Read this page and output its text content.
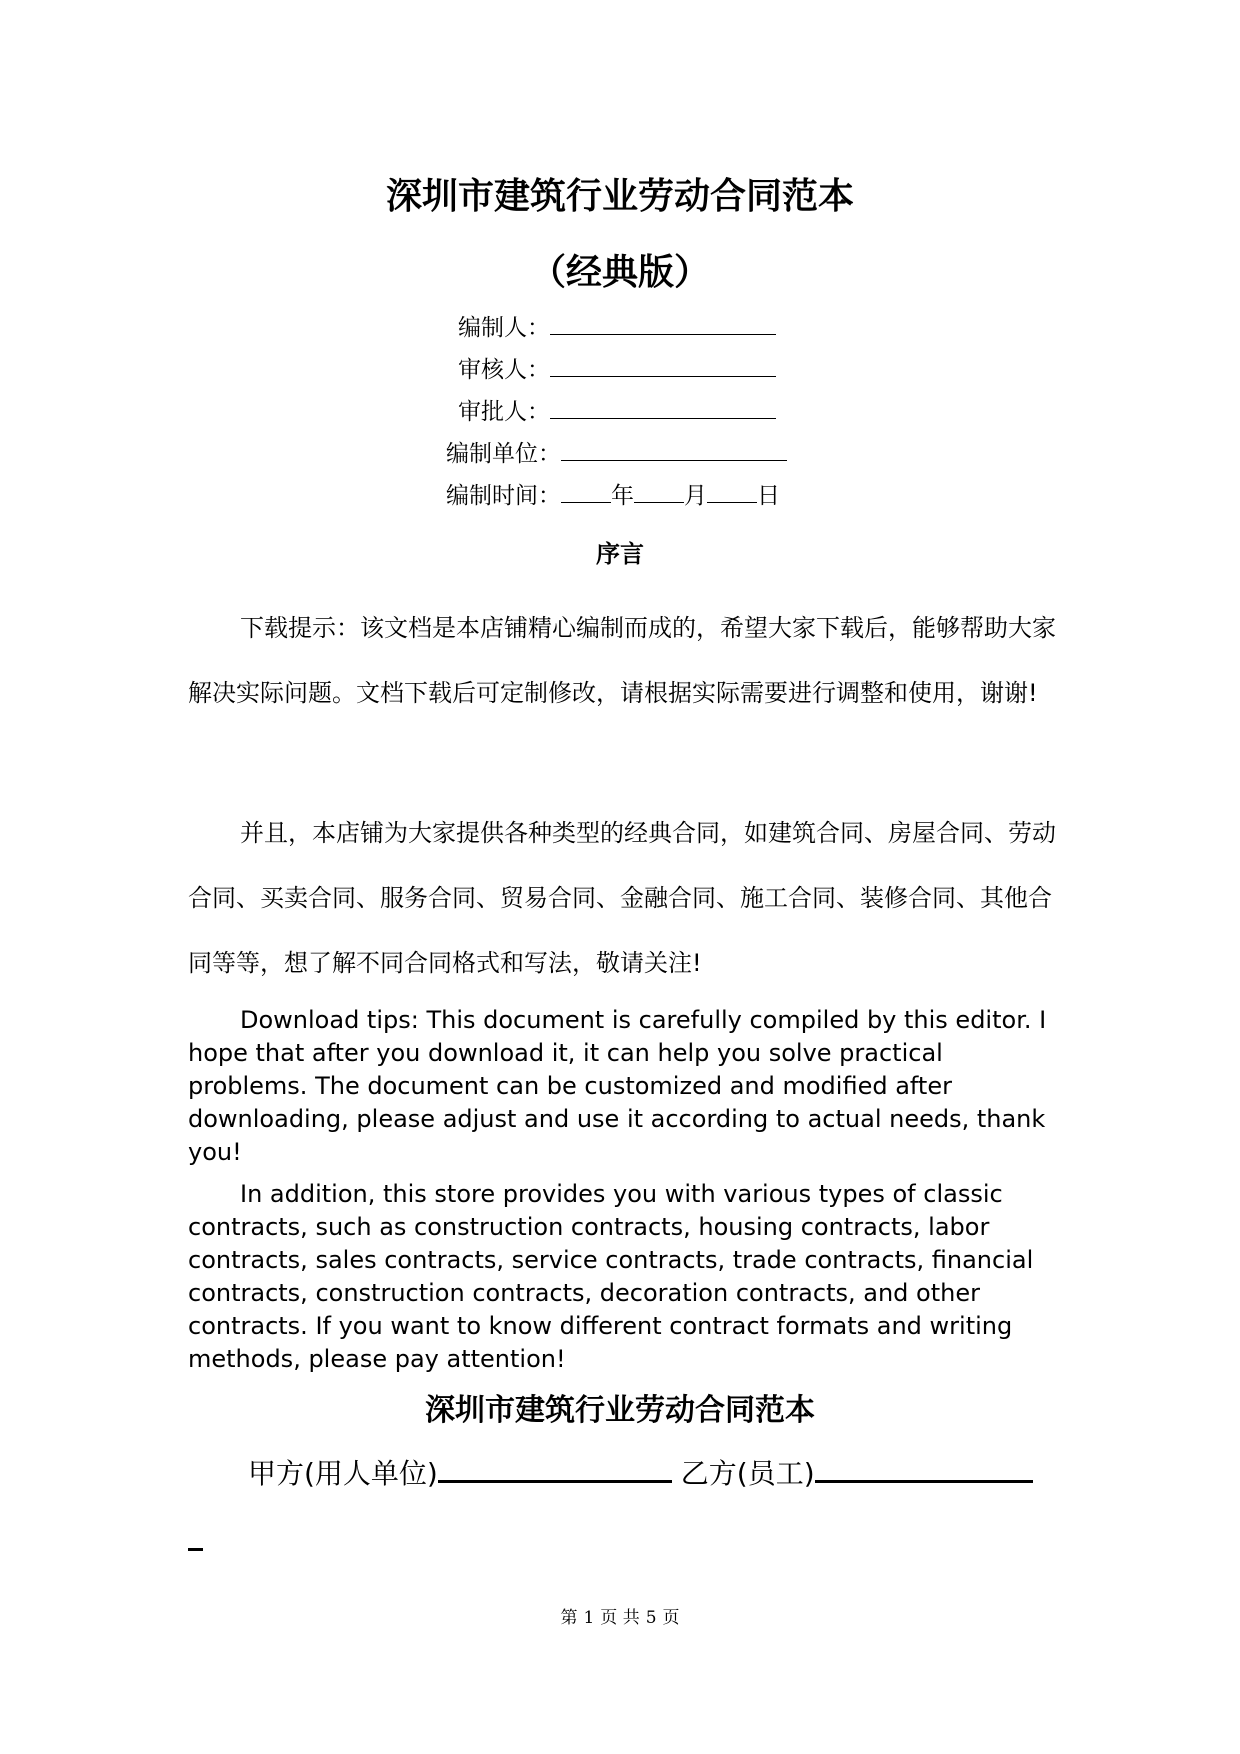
深圳市建筑行业劳动合同范本
（经典版）
编制人：
审核人：
审批人：
编制单位：
编制时间： 年 月 日
序言
下载提示：该文档是本店铺精心编制而成的，希望大家下载后，能够帮助大家解决实际问题。文档下载后可定制修改，请根据实际需要进行调整和使用，谢谢!
并且，本店铺为大家提供各种类型的经典合同，如建筑合同、房屋合同、劳动合同、买卖合同、服务合同、贸易合同、金融合同、施工合同、装修合同、其他合同等等，想了解不同合同格式和写法，敬请关注!
Download tips: This document is carefully compiled by this editor. I hope that after you download it, it can help you solve practical problems. The document can be customized and modified after downloading, please adjust and use it according to actual needs, thank you!
In addition, this store provides you with various types of classic contracts, such as construction contracts, housing contracts, labor contracts, sales contracts, service contracts, trade contracts, financial contracts, construction contracts, decoration contracts, and other contracts. If you want to know different contract formats and writing methods, please pay attention!
深圳市建筑行业劳动合同范本
甲方(用人单位)	乙方(员工)
第 1 页 共 5 页
